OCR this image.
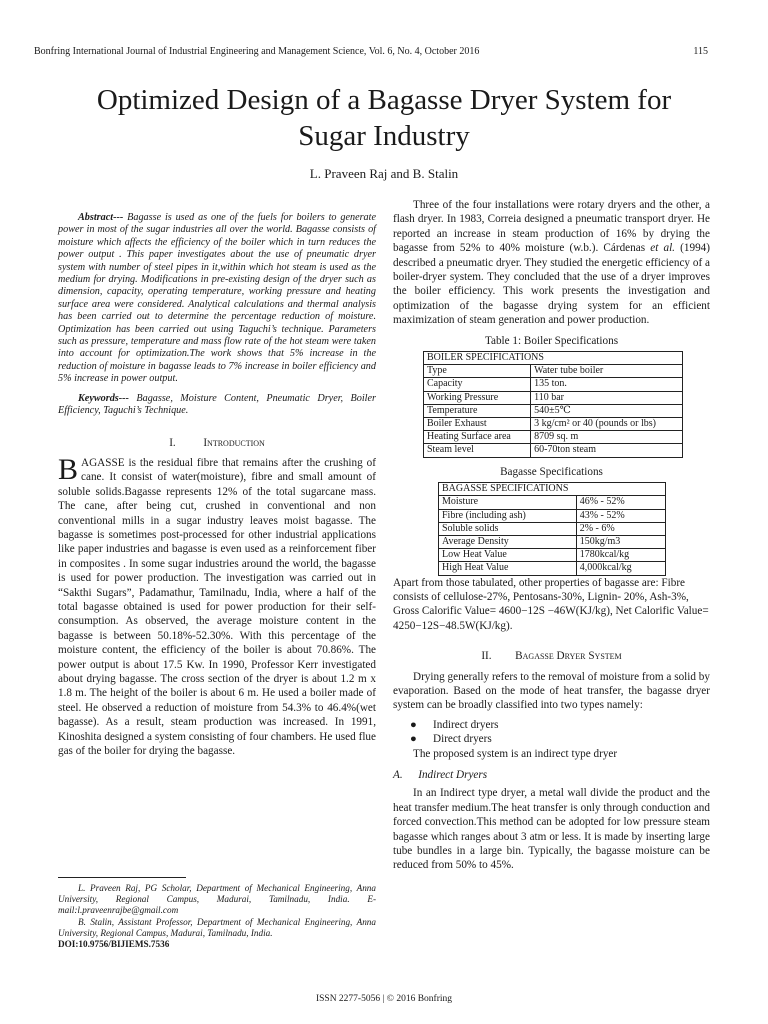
Bonfring International Journal of Industrial Engineering and Management Science, Vol. 6, No. 4, October 2016	115
Optimized Design of a Bagasse Dryer System for
Sugar Industry
L. Praveen Raj and B. Stalin

Abstract--- Bagasse is used as one of the fuels for boilers to generate power in most of the sugar industries all over the world. Bagasse consists of moisture which affects the efficiency of the boiler which in turn reduces the power output . This paper investigates about the use of pneumatic dryer system with number of steel pipes in it,within which hot steam is used as the medium for drying. Modifications in pre-existing design of the dryer such as dimension, capacity, operating temperature, working pressure and heating surface area were considered. Analytical calculations and thermal analysis has been carried out to determine the percentage reduction of moisture. Optimization has been carried out using Taguchi’s technique. Parameters such as pressure, temperature and mass flow rate of the hot steam were taken into account for optimization.The work shows that 5% increase in the reduction of moisture in bagasse leads to 7% increase in boiler efficiency and 5% increase in power output.

Keywords--- Bagasse, Moisture Content, Pneumatic Dryer, Boiler Efficiency, Taguchi’s Technique.

I. Introduction

BAGASSE is the residual fibre that remains after the crushing of cane. It consist of water(moisture), fibre and small amount of soluble solids.Bagasse represents 12% of the total sugarcane mass. The cane, after being cut, crushed in conventional and non conventional mills in a sugar industry leaves moist bagasse. The bagasse is sometimes post-processed for other industrial applications like paper industries and bagasse is even used as a reinforcement fiber in composites . In some sugar industries around the world, the bagasse is used for power production. The investigation was carried out in “Sakthi Sugars”, Padamathur, Tamilnadu, India, where a half of the total bagasse obtained is used for power production for their self-consumption. As observed, the average moisture content in the bagasse is between 50.18%-52.30%. With this percentage of the moisture content, the efficiency of the boiler is about 70.86%. The power output is about 17.5 Kw. In 1990, Professor Kerr investigated about drying bagasse. The cross section of the dryer is about 1.2 m x 1.8 m. The height of the boiler is about 6 m. He used a boiler made of steel. He observed a reduction of moisture from 54.3% to 46.4%(wet bagasse). As a result, steam production was increased. In 1991, Kinoshita designed a system consisting of four chambers. He used flue gas of the boiler for drying the bagasse.

L. Praveen Raj, PG Scholar, Department of Mechanical Engineering, Anna University, Regional Campus, Madurai, Tamilnadu, India. E-mail:l.praveenrajbe@gmail.com

B. Stalin, Assistant Professor, Department of Mechanical Engineering, Anna University, Regional Campus, Madurai, Tamilnadu, India.

DOI:10.9756/BIJIEMS.7536

Three of the four installations were rotary dryers and the other, a flash dryer. In 1983, Correia designed a pneumatic transport dryer. He reported an increase in steam production of 16% by drying the bagasse from 52% to 40% moisture (w.b.). Cárdenas et al. (1994) described a pneumatic dryer. They studied the energetic efficiency of a boiler-dryer system. They concluded that the use of a dryer improves the boiler efficiency. This work presents the investigation and optimization of the bagasse drying system for an efficient maximization of steam generation and power production.

Table 1: Boiler Specifications

BOILER SPECIFICATIONS	
Type	Water tube boiler
Capacity	135 ton.
Working Pressure	110 bar
Temperature	540±5℃
Boiler Exhaust	3 kg/cm² or 40 (pounds or lbs)
Heating Surface area	8709 sq. m
Steam level	60-70ton steam

Bagasse Specifications

BAGASSE SPECIFICATIONS	
Moisture	46% - 52%
Fibre (including ash)	43% - 52%
Soluble solids	2% - 6%
Average Density	150kg/m3
Low Heat Value	1780kcal/kg
High Heat Value	4,000kcal/kg

Apart from those tabulated, other properties of bagasse are: Fibre consists of cellulose-27%, Pentosans-30%, Lignin- 20%, Ash-3%, Gross Calorific Value= 4600−12S −46W(KJ/kg), Net Calorific Value= 4250−12S−48.5W(KJ/kg).

II. Bagasse Dryer System

Drying generally refers to the removal of moisture from a solid by evaporation. Based on the mode of heat transfer, the bagasse dryer system can be broadly classified into two types namely:

● Indirect dryers
● Direct dryers

The proposed system is an indirect type dryer

A. Indirect Dryers

In an Indirect type dryer, a metal wall divide the product and the heat transfer medium.The heat transfer is only through conduction and forced convection.This method can be adopted for low pressure steam bagasse which ranges about 3 atm or less. It is made by inserting large tube bundles in a large bin. Typically, the bagasse moisture can be reduced from 50% to 45%.

ISSN 2277-5056 | © 2016 Bonfring
